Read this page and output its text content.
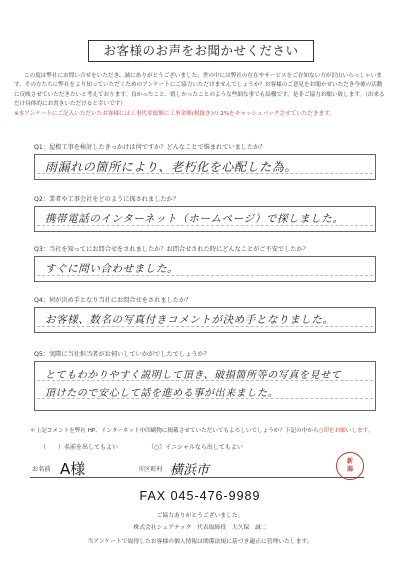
お客様のお声をお聞かせください
この度は弊社にお問い合せをいただき、誠にありがとうございました。世の中には弊社の存在やサービスをご存知ない方が沢山いらっしゃいます。その方たちに弊社をより知っていただくためのアンケートにご協力いただけませんでしょうか？お客様のご意見をお聞かせいただき今後の活動に反映させていただきたいと考えております。良かったこと、嬉しかったことのような些細な事でも結構です。是非ご協力お願い致します。（出来るだけ具体的にお書きいただけると幸いです）
※本アンケートにご記入いただいたお客様には工事代金総額に工事金額(税抜き)の 2%をキャッシュバックさせていただきます。
Q1：屋根工事を検討したきっかけは何ですか？どんなことで悩まれていましたか？
雨漏れの箇所により、老朽化を心配した為。
Q2：業者や工事会社をどのように探されましたか？
携帯電話のインターネット（ホームページ）で探しました。
Q3：当社を知ってにお問合せをされましたか？お問合せされた時にどんなことがご不安でしたか？
すぐに問い合わせました。
Q4：何が決め手となり当社にお問合せをされましたか？
お客様、数名の写真付きコメントが決め手となりました。
Q5：実際に当社担当者がお伺いしていかがでしたでしょうか？
とてもわかりやすく説明して頂き、破損箇所等の写真を見せて
頂けたので安心して話を進める事が出来ました。
＊上記コメントを弊社 HP、インターネット中印刷物に掲載させていただいてもよろしいでしょうか？下記の中から○印をお願いします。
（　　）名前を出してもよい	（○）イニシャルなら出してもよい
お名前 A様	市区町村 横浜市
新
潟
FAX 045-476-9989
ご協力ありがとうございました。
株式会社シェアテック　代表取締役　大久保　誠二
当アンケートで取得したお客様の個人情報は関係法規に基づき適正に管理いたします。
